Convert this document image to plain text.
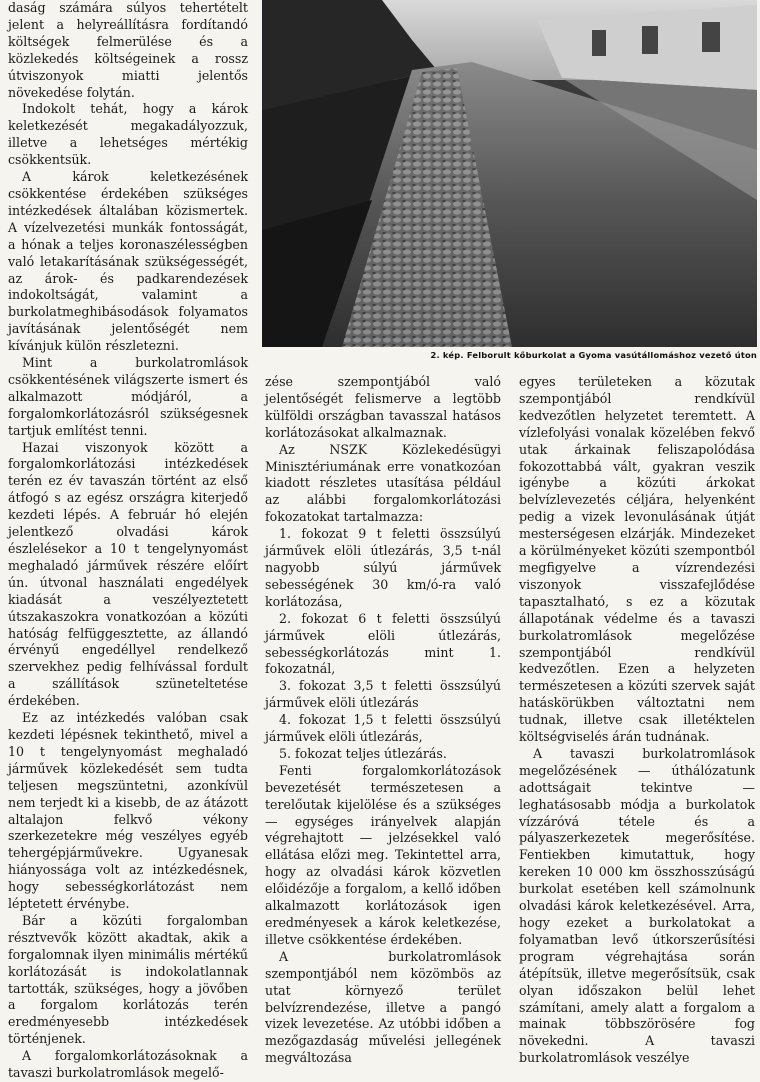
daság számára súlyos tehertételt jelent a helyreállításra fordítandó költségek felmerülése és a közlekedés költségeinek a rossz útviszonyok miatti jelentős növekedése folytán.

Indokolt tehát, hogy a károk keletkezését megakadályozzuk, illetve a lehetséges mértékig csökkentsük.

A károk keletkezésének csökkentése érdekében szükséges intézkedések általában közismertek. A vízelvezetési munkák fontosságát, a hónak a teljes koronaszélességben való letakarításának szükségességét, az árok- és padkarendezések indokoltságát, valamint a burkolatmeghibásodások folyamatos javításának jelentőségét nem kívánjuk külön részletezni.

Mint a burkolatromlások csökkentésének világszerte ismert és alkalmazott módjáról, a forgalomkorlátozásról szükségesnek tartjuk említést tenni.

Hazai viszonyok között a forgalomkorlátozási intézkedések terén ez év tavaszán történt az első átfogó s az egész országra kiterjedő kezdeti lépés. A február hó elején jelentkező olvadási károk észlelésekor a 10 t tengelynyomást meghaladó járművek részére előírt ún. útvonal használati engedélyek kiadását a veszélyeztetett útszakaszokra vonatkozóan a közúti hatóság felfüggesztette, az állandó érvényű engedéllyel rendelkező szervekhez pedig felhívással fordult a szállítások szüneteltetése érdekében.

Ez az intézkedés valóban csak kezdeti lépésnek tekinthető, mivel a 10 t tengelynyomást meghaladó járművek közlekedését sem tudta teljesen megszüntetni, azonkívül nem terjedt ki a kisebb, de az átázott altalajon felkvő vékony szerkezetekre még veszélyes egyéb tehergépjárművekre. Ugyanesak hiányossága volt az intézkedésnek, hogy sebességkorlátozást nem léptetett érvénybe.

Bár a közúti forgalomban résztvevők között akadtak, akik a forgalomnak ilyen minimális mértékű korlátozását is indokolatlannak tartották, szükséges, hogy a jövőben a forgalom korlátozás terén eredményesebb intézkedések történjenek.

A forgalomkorlátozásoknak a tavaszi burkolatromlások megelő-

2. kép. Felborult kőburkolat a Gyoma vasútállomáshoz vezető úton

zése szempontjából való jelentőségét felismerve a legtöbb külföldi országban tavasszal hatásos korlátozásokat alkalmaznak.

Az NSZK Közlekedésügyi Minisztériumának erre vonatkozóan kiadott részletes utasítása például az alábbi forgalomkorlátozási fokozatokat tartalmazza:

1. fokozat 9 t feletti összsúlyú járművek elöli útlezárás, 3,5 t-nál nagyobb súlyú járművek sebességének 30 km/ó-ra való korlátozása,
2. fokozat 6 t feletti összsúlyú járművek elöli útlezárás, sebességkorlátozás mint 1. fokozatnál,
3. fokozat 3,5 t feletti összsúlyú járművek elöli útlezárás
4. fokozat 1,5 t feletti összsúlyú járművek elöli útlezárás,
5. fokozat teljes útlezárás.

Fenti forgalomkorlátozások bevezetését természetesen a terelőutak kijelölése és a szükséges — egységes irányelvek alapján végrehajtott — jelzésekkel való ellátása előzi meg. Tekintettel arra, hogy az olvadási károk közvetlen előidézője a forgalom, a kellő időben alkalmazott korlátozások igen eredményesek a károk keletkezése, illetve csökkentése érdekében.

A burkolatromlások szempontjából nem közömbös az utat környező terület belvízrendezése, illetve a pangó vizek levezetése. Az utóbbi időben a mezőgazdaság művelési jellegének megváltozása

egyes területeken a közutak szempontjából rendkívül kedvezőtlen helyzetet teremtett. A vízlefolyási vonalak közelében fekvő utak árkainak feliszapolódása fokozottabbá vált, gyakran veszik igénybe a közúti árkokat belvízlevezetés céljára, helyenként pedig a vizek levonulásának útját mesterségesen elzárják. Mindezeket a körülményeket közúti szempontból megfigyelve a vízrendezési viszonyok visszafejlődése tapasztalható, s ez a közutak állapotának védelme és a tavaszi burkolatromlások megelőzése szempontjából rendkívül kedvezőtlen. Ezen a helyzeten természetesen a közúti szervek saját hatáskörükben változtatni nem tudnak, illetve csak illetéktelen költségviselés árán tudnának.

A tavaszi burkolatromlások megelőzésének — úthálózatunk adottságait tekintve — leghatásosabb módja a burkolatok vízzáróvá tétele és a pályaszerkezetek megerősítése. Fentiekben kimutattuk, hogy kereken 10 000 km összhosszúságú burkolat esetében kell számolnunk olvadási károk keletkezésével. Arra, hogy ezeket a burkolatokat a folyamatban levő útkorszerűsítési program végrehajtása során átépítsük, illetve megerősítsük, csak olyan időszakon belül lehet számítani, amely alatt a forgalom a mainak többszörösére fog növekedni. A tavaszi burkolatromlások veszélye
